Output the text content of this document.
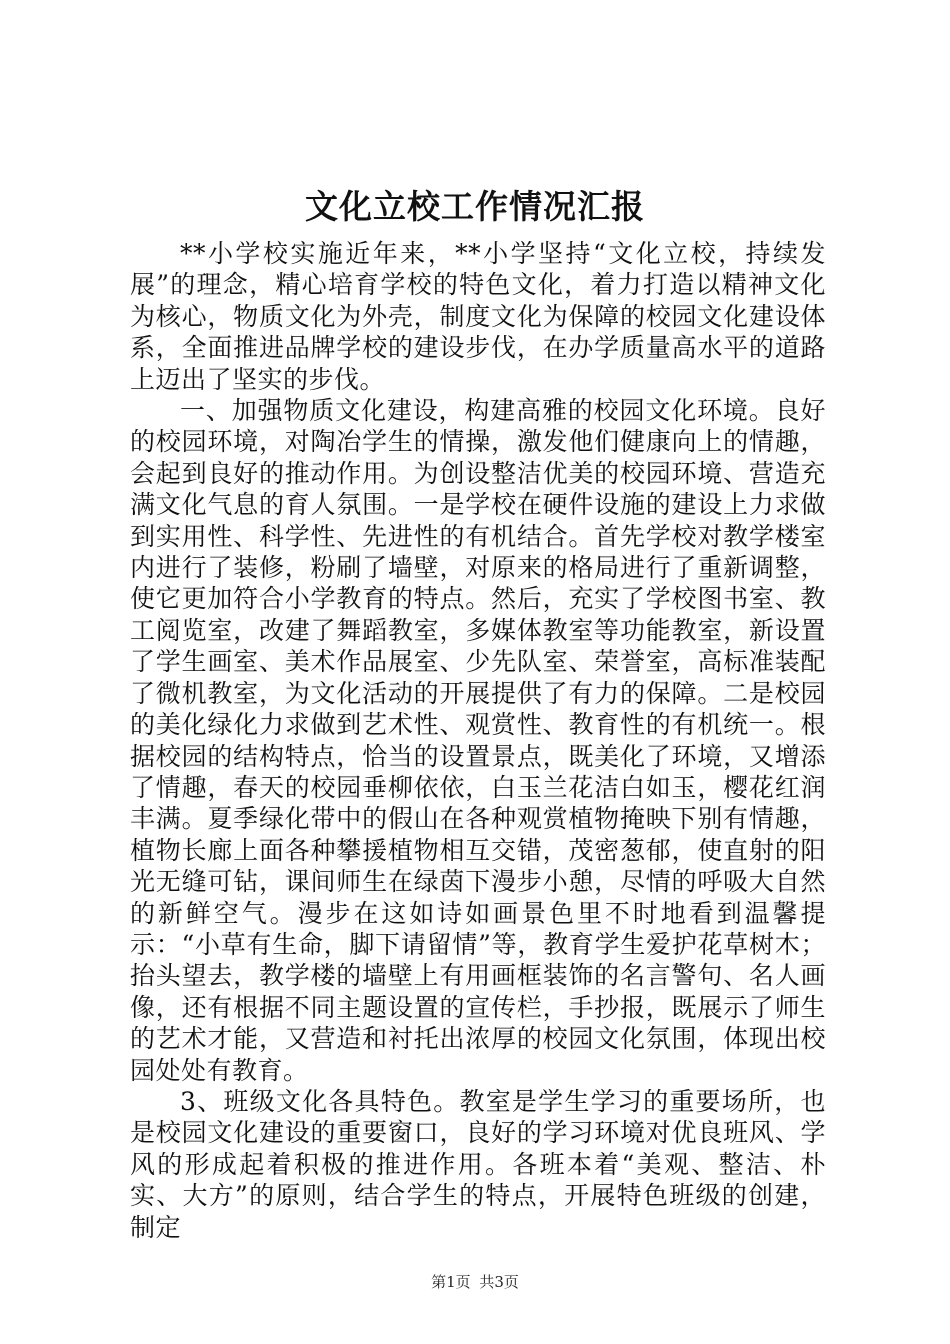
文化立校工作情况汇报

**小学校实施近年来，**小学坚持“文化立校，持续发展”的理念，精心培育学校的特色文化，着力打造以精神文化为核心，物质文化为外壳，制度文化为保障的校园文化建设体系，全面推进品牌学校的建设步伐，在办学质量高水平的道路上迈出了坚实的步伐。

一、加强物质文化建设，构建高雅的校园文化环境。良好的校园环境，对陶冶学生的情操，激发他们健康向上的情趣，会起到良好的推动作用。为创设整洁优美的校园环境、营造充满文化气息的育人氛围。一是学校在硬件设施的建设上力求做到实用性、科学性、先进性的有机结合。首先学校对教学楼室内进行了装修，粉刷了墙壁，对原来的格局进行了重新调整，使它更加符合小学教育的特点。然后，充实了学校图书室、教工阅览室，改建了舞蹈教室，多媒体教室等功能教室，新设置了学生画室、美术作品展室、少先队室、荣誉室，高标准装配了微机教室，为文化活动的开展提供了有力的保障。二是校园的美化绿化力求做到艺术性、观赏性、教育性的有机统一。根据校园的结构特点，恰当的设置景点，既美化了环境，又增添了情趣，春天的校园垂柳依依，白玉兰花洁白如玉，樱花红润丰满。夏季绿化带中的假山在各种观赏植物掩映下别有情趣，植物长廊上面各种攀援植物相互交错，茂密葱郁，使直射的阳光无缝可钻，课间师生在绿茵下漫步小憩，尽情的呼吸大自然的新鲜空气。漫步在这如诗如画景色里不时地看到温馨提示：“小草有生命，脚下请留情”等，教育学生爱护花草树木；抬头望去，教学楼的墙壁上有用画框装饰的名言警句、名人画像，还有根据不同主题设置的宣传栏，手抄报，既展示了师生的艺术才能，又营造和衬托出浓厚的校园文化氛围，体现出校园处处有教育。

3、班级文化各具特色。教室是学生学习的重要场所，也是校园文化建设的重要窗口，良好的学习环境对优良班风、学风的形成起着积极的推进作用。各班本着“美观、整洁、朴实、大方”的原则，结合学生的特点，开展特色班级的创建，制定

第1页 共3页
